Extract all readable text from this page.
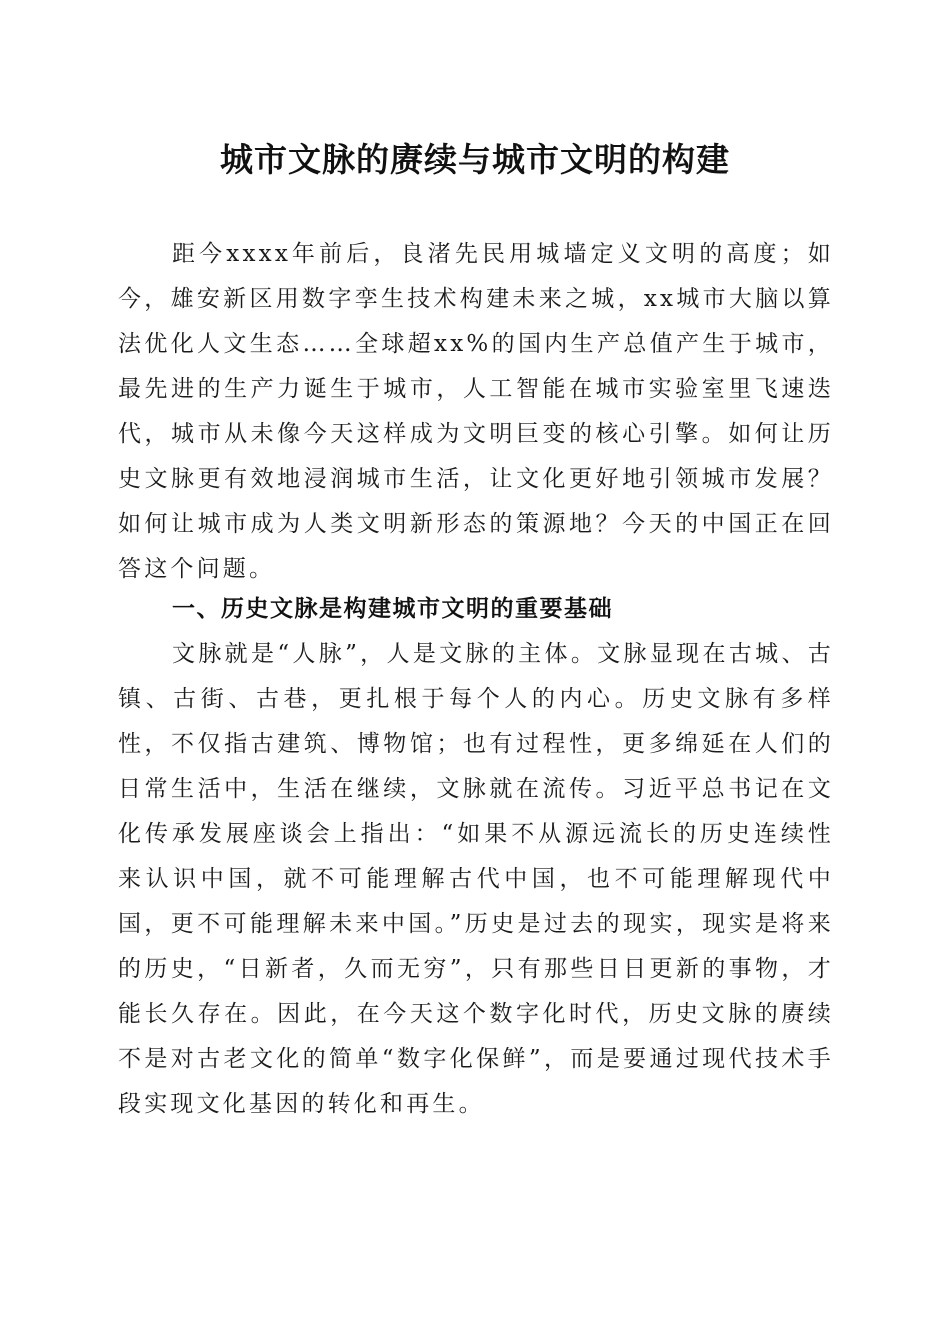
城市文脉的赓续与城市文明的构建

距今xxxx年前后，良渚先民用城墙定义文明的高度；如今，雄安新区用数字孪生技术构建未来之城，xx城市大脑以算法优化人文生态……全球超xx%的国内生产总值产生于城市，最先进的生产力诞生于城市，人工智能在城市实验室里飞速迭代，城市从未像今天这样成为文明巨变的核心引擎。如何让历史文脉更有效地浸润城市生活，让文化更好地引领城市发展？如何让城市成为人类文明新形态的策源地？今天的中国正在回答这个问题。

一、历史文脉是构建城市文明的重要基础

文脉就是“人脉”，人是文脉的主体。文脉显现在古城、古镇、古街、古巷，更扎根于每个人的内心。历史文脉有多样性，不仅指古建筑、博物馆；也有过程性，更多绵延在人们的日常生活中，生活在继续，文脉就在流传。习近平总书记在文化传承发展座谈会上指出：“如果不从源远流长的历史连续性来认识中国，就不可能理解古代中国，也不可能理解现代中国，更不可能理解未来中国。”历史是过去的现实，现实是将来的历史，“日新者，久而无穷”，只有那些日日更新的事物，才能长久存在。因此，在今天这个数字化时代，历史文脉的赓续不是对古老文化的简单“数字化保鲜”，而是要通过现代技术手段实现文化基因的转化和再生。
